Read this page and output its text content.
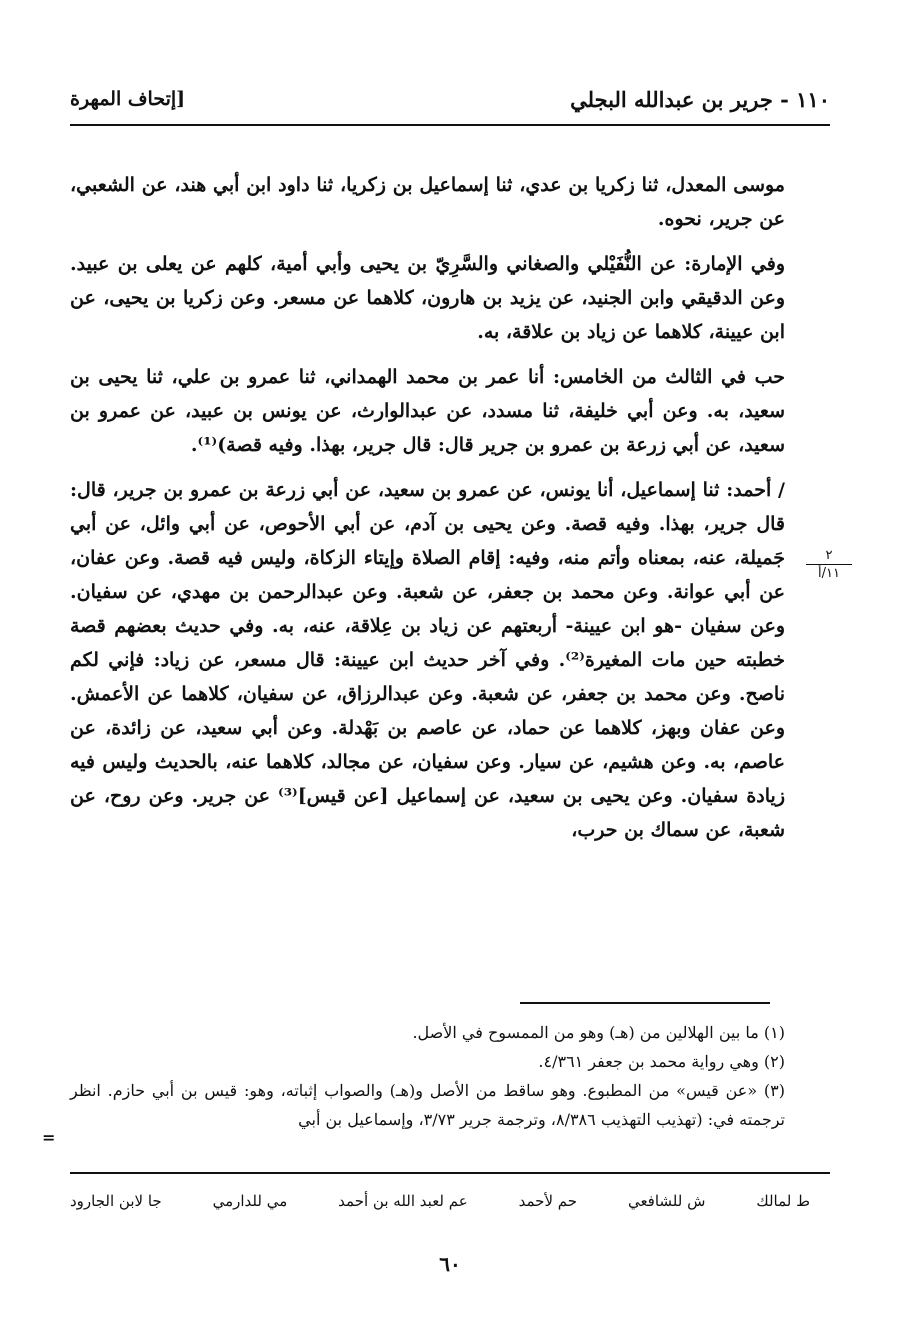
١١٠ - جرير بن عبدالله البجلي
[إتحاف المهرة

موسى المعدل، ثنا زكريا بن عدي، ثنا إسماعيل بن زكريا، ثنا داود ابن أبي هند، عن الشعبي، عن جرير، نحوه.

وفي الإمارة: عن النُّفَيْلي والصغاني والسَّرِيّ بن يحيى وأبي أمية، كلهم عن يعلى بن عبيد. وعن الدقيقي وابن الجنيد، عن يزيد بن هارون، كلاهما عن مسعر. وعن زكريا بن يحيى، عن ابن عيينة، كلاهما عن زياد بن علاقة، به.

حب في الثالث من الخامس: أنا عمر بن محمد الهمداني، ثنا عمرو بن علي، ثنا يحيى بن سعيد، به. وعن أبي خليفة، ثنا مسدد، عن عبدالوارث، عن يونس بن عبيد، عن عمرو بن سعيد، عن أبي زرعة بن عمرو بن جرير قال: قال جرير، بهذا. وفيه قصة)⁽¹⁾.

/ أحمد: ثنا إسماعيل، أنا يونس، عن عمرو بن سعيد، عن أبي زرعة بن عمرو بن جرير، قال: قال جرير، بهذا. وفيه قصة. وعن يحيى بن آدم، عن أبي الأحوص، عن أبي وائل، عن أبي جَميلة، عنه، بمعناه وأتم منه، وفيه: إقام الصلاة وإيتاء الزكاة، وليس فيه قصة. وعن عفان، عن أبي عوانة. وعن محمد بن جعفر، عن شعبة. وعن عبدالرحمن بن مهدي، عن سفيان. وعن سفيان -هو ابن عيينة- أربعتهم عن زياد بن عِلاقة، عنه، به. وفي حديث بعضهم قصة خطبته حين مات المغيرة⁽²⁾. وفي آخر حديث ابن عيينة: قال مسعر، عن زياد: فإني لكم ناصح. وعن محمد بن جعفر، عن شعبة. وعن عبدالرزاق، عن سفيان، كلاهما عن الأعمش. وعن عفان وبهز، كلاهما عن حماد، عن عاصم بن بَهْدلة. وعن أبي سعيد، عن زائدة، عن عاصم، به. وعن هشيم، عن سيار. وعن سفيان، عن مجالد، كلاهما عنه، بالحديث وليس فيه زيادة سفيان. وعن يحيى بن سعيد، عن إسماعيل [عن قيس]⁽³⁾ عن جرير. وعن روح، عن شعبة، عن سماك بن حرب،

٢
١١/أ

(١) ما بين الهلالين من (هـ) وهو من الممسوح في الأصل.

(٢) وهي رواية محمد بن جعفر ٤/٣٦١.

(٣) «عن قيس» من المطبوع. وهو ساقط من الأصل و(هـ) والصواب إثباته، وهو: قيس بن أبي حازم. انظر ترجمته في: (تهذيب التهذيب ٨/٣٨٦، وترجمة جرير ٣/٧٣، وإسماعيل بن أبي

=
ط لمالك
ش للشافعي
حم لأحمد
عم لعبد الله بن أحمد
مي للدارمي
جا لابن الجارود
٦٠
